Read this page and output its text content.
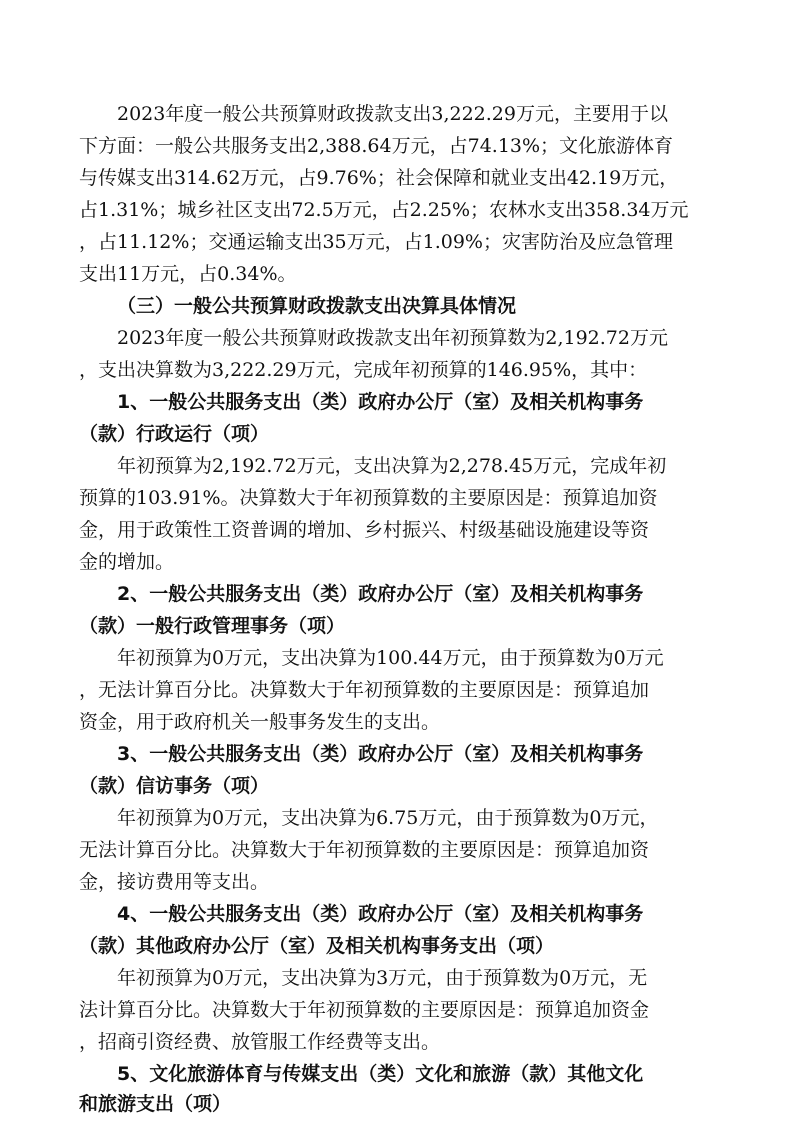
2023年度一般公共预算财政拨款支出3,222.29万元，主要用于以
下方面：一般公共服务支出2,388.64万元，占74.13%；文化旅游体育
与传媒支出314.62万元，占9.76%；社会保障和就业支出42.19万元，
占1.31%；城乡社区支出72.5万元，占2.25%；农林水支出358.34万元
，占11.12%；交通运输支出35万元，占1.09%；灾害防治及应急管理
支出11万元，占0.34%。
（三）一般公共预算财政拨款支出决算具体情况
2023年度一般公共预算财政拨款支出年初预算数为2,192.72万元
，支出决算数为3,222.29万元，完成年初预算的146.95%，其中：
1、一般公共服务支出（类）政府办公厅（室）及相关机构事务
（款）行政运行（项）
年初预算为2,192.72万元，支出决算为2,278.45万元，完成年初
预算的103.91%。决算数大于年初预算数的主要原因是：预算追加资
金，用于政策性工资普调的增加、乡村振兴、村级基础设施建设等资
金的增加。
2、一般公共服务支出（类）政府办公厅（室）及相关机构事务
（款）一般行政管理事务（项）
年初预算为0万元，支出决算为100.44万元，由于预算数为0万元
，无法计算百分比。决算数大于年初预算数的主要原因是：预算追加
资金，用于政府机关一般事务发生的支出。
3、一般公共服务支出（类）政府办公厅（室）及相关机构事务
（款）信访事务（项）
年初预算为0万元，支出决算为6.75万元，由于预算数为0万元，
无法计算百分比。决算数大于年初预算数的主要原因是：预算追加资
金，接访费用等支出。
4、一般公共服务支出（类）政府办公厅（室）及相关机构事务
（款）其他政府办公厅（室）及相关机构事务支出（项）
年初预算为0万元，支出决算为3万元，由于预算数为0万元，无
法计算百分比。决算数大于年初预算数的主要原因是：预算追加资金
，招商引资经费、放管服工作经费等支出。
5、文化旅游体育与传媒支出（类）文化和旅游（款）其他文化
和旅游支出（项）
